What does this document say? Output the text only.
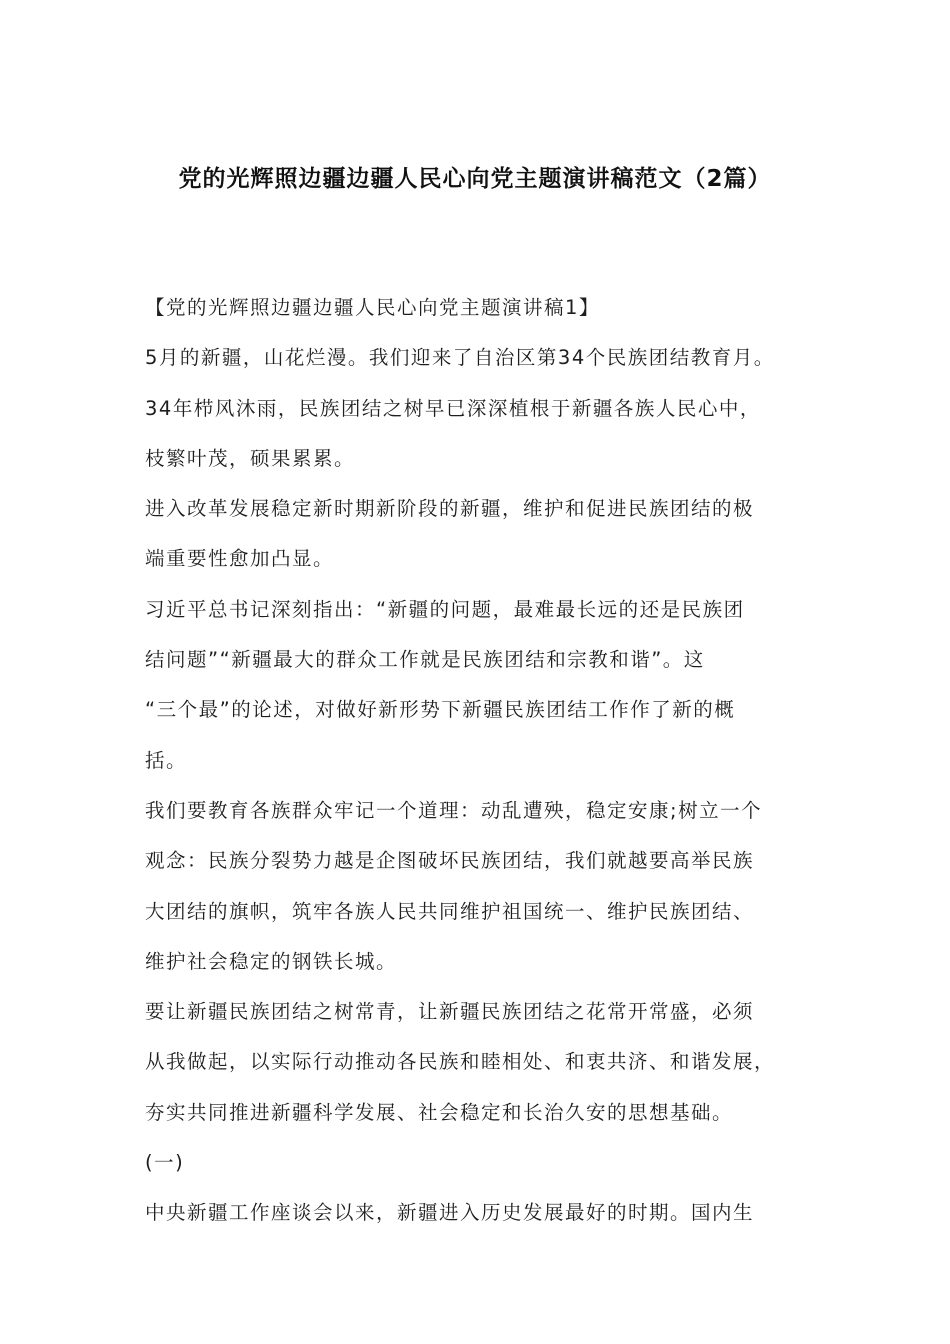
党的光辉照边疆边疆人民心向党主题演讲稿范文（2篇）
【党的光辉照边疆边疆人民心向党主题演讲稿1】
5月的新疆，山花烂漫。我们迎来了自治区第34个民族团结教育月。
34年栉风沐雨，民族团结之树早已深深植根于新疆各族人民心中，
枝繁叶茂，硕果累累。
进入改革发展稳定新时期新阶段的新疆，维护和促进民族团结的极
端重要性愈加凸显。
习近平总书记深刻指出：“新疆的问题，最难最长远的还是民族团
结问题”“新疆最大的群众工作就是民族团结和宗教和谐”。这
“三个最”的论述，对做好新形势下新疆民族团结工作作了新的概
括。
我们要教育各族群众牢记一个道理：动乱遭殃，稳定安康;树立一个
观念：民族分裂势力越是企图破坏民族团结，我们就越要高举民族
大团结的旗帜，筑牢各族人民共同维护祖国统一、维护民族团结、
维护社会稳定的钢铁长城。
要让新疆民族团结之树常青，让新疆民族团结之花常开常盛，必须
从我做起，以实际行动推动各民族和睦相处、和衷共济、和谐发展，
夯实共同推进新疆科学发展、社会稳定和长治久安的思想基础。
(一)
中央新疆工作座谈会以来，新疆进入历史发展最好的时期。国内生
